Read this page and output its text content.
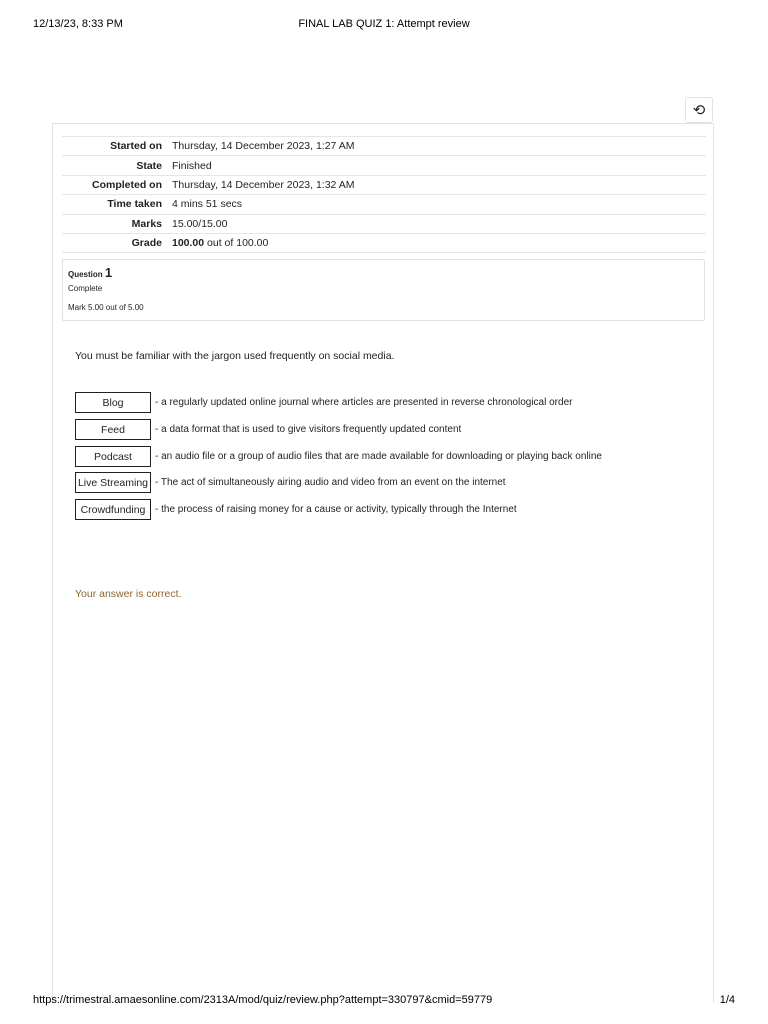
12/13/23, 8:33 PM	FINAL LAB QUIZ 1: Attempt review
⟲
Started on	Thursday, 14 December 2023, 1:27 AM
State	Finished
Completed on	Thursday, 14 December 2023, 1:32 AM
Time taken	4 mins 51 secs
Marks	15.00/15.00
Grade	100.00 out of 100.00
Question 1
Complete
Mark 5.00 out of 5.00
You must be familiar with the jargon used frequently on social media.
Blog	- a regularly updated online journal where articles are presented in reverse chronological order
Feed	- a data format that is used to give visitors frequently updated content
Podcast	- an audio file or a group of audio files that are made available for downloading or playing back online
Live Streaming - The act of simultaneously airing audio and video from an event on the internet
Crowdfunding - the process of raising money for a cause or activity, typically through the Internet
Your answer is correct.
https://trimestral.amaesonline.com/2313A/mod/quiz/review.php?attempt=330797&cmid=59779	1/4
